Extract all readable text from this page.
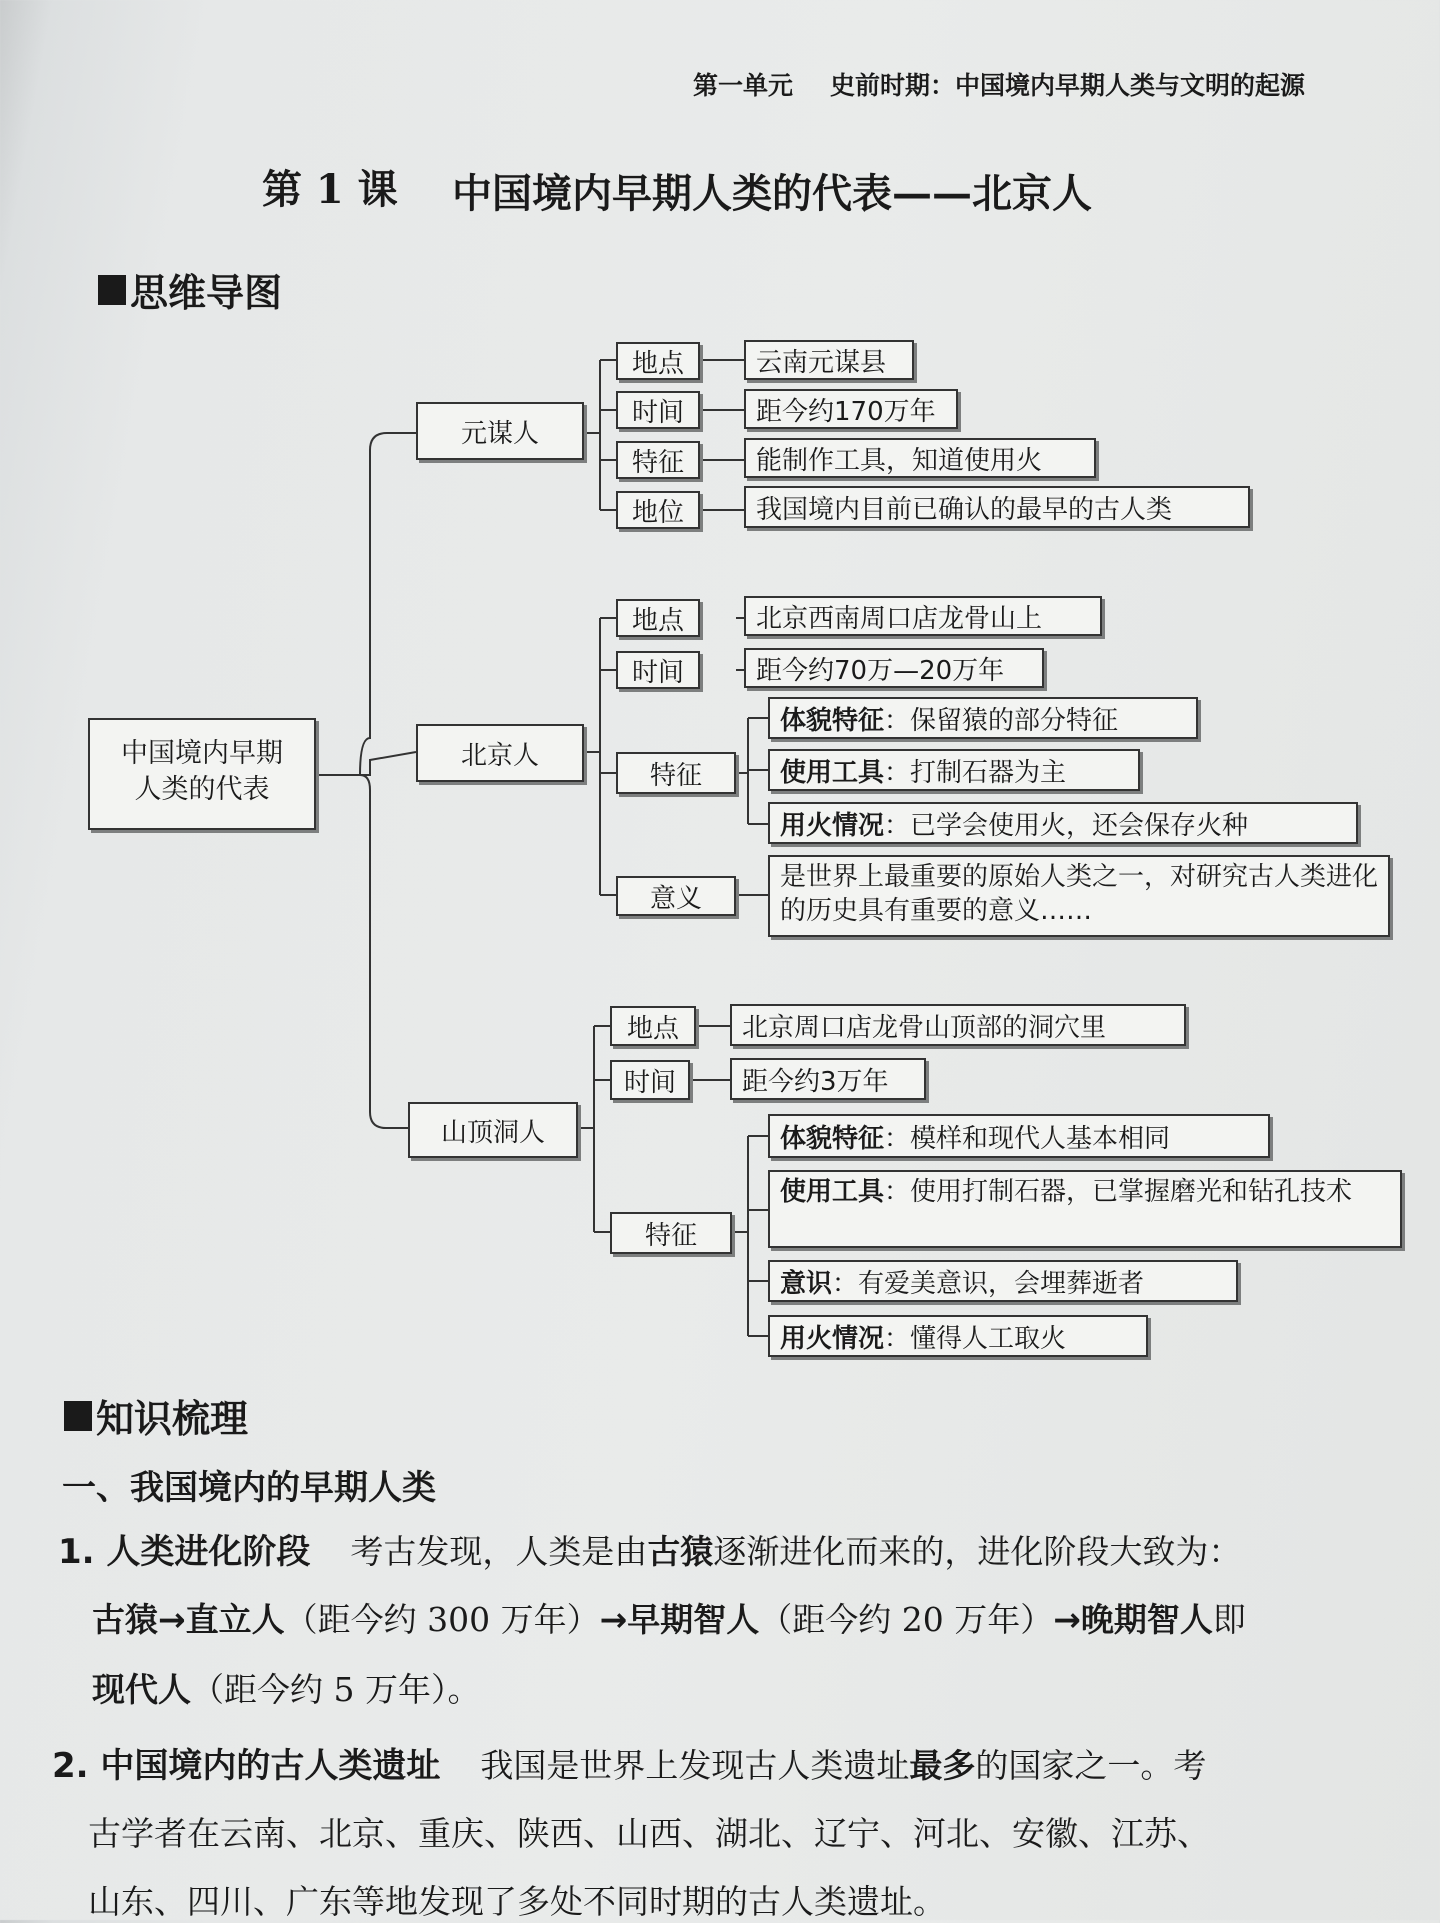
第一单元 史前时期：中国境内早期人类与文明的起源
第 1 课 中国境内早期人类的代表——北京人
思维导图
中国境内早期
人类的代表
元谋人
地点	云南元谋县
时间	距今约170万年
特征	能制作工具，知道使用火
地位	我国境内目前已确认的最早的古人类
北京人
地点	北京西南周口店龙骨山上
时间	距今约70万—20万年
特征
体貌特征 ：保留猿的部分特征
使用工具 ：打制石器为主
用火情况 ：已学会使用火，还会保存火种
意义
是世界上最重要的原始人类之一，对研究古人类进化的历史具有重要的意义……
山顶洞人
地点	北京周口店龙骨山顶部的洞穴里
时间	距今约3万年
特征
体貌特征 ：模样和现代人基本相同
使用工具：使用打制石器，已掌握磨光和钻孔技术
意识 ：有爱美意识，会埋葬逝者
用火情况 ：懂得人工取火
知识梳理
一、我国境内的早期人类
1. 人类进化阶段 考古发现，人类是由古猿逐渐进化而来的，进化阶段大致为：
古猿→直立人（距今约 300 万年）→早期智人（距今约 20 万年）→晚期智人即
现代人（距今约 5 万年）。
2. 中国境内的古人类遗址 我国是世界上发现古人类遗址最多的国家之一。考
古学者在云南、北京、重庆、陕西、山西、湖北、辽宁、河北、安徽、江苏、
山东、四川、广东等地发现了多处不同时期的古人类遗址。
